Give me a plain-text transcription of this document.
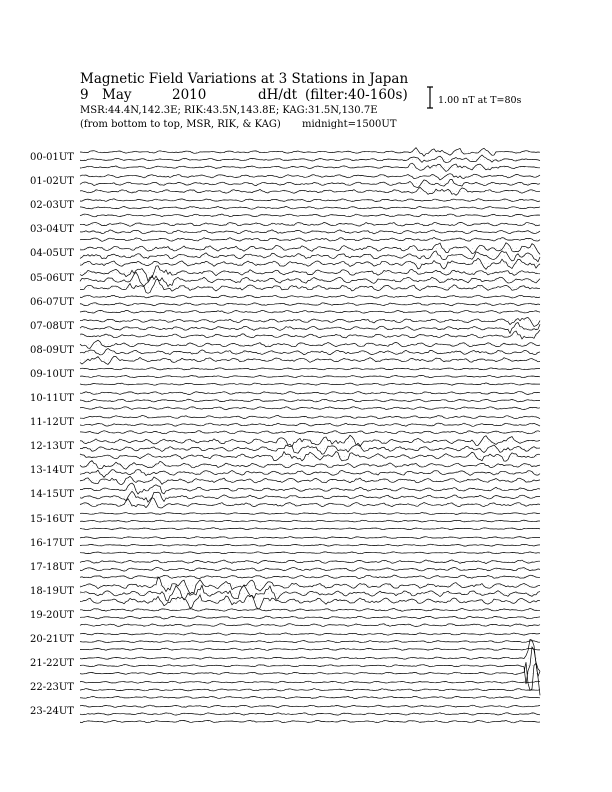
Magnetic Field Variations at 3 Stations in Japan
9 May	2010	dH/dt (filter:40-160s)
MSR:44.4N,142.3E; RIK:43.5N,143.8E; KAG:31.5N,130.7E
(from bottom to top, MSR, RIK, & KAG) midnight=1500UT
1.00 nT at T=80s
00-01UT
01-02UT
02-03UT
03-04UT
04-05UT
05-06UT
06-07UT
07-08UT
08-09UT
09-10UT
10-11UT
11-12UT
12-13UT
13-14UT
14-15UT
15-16UT
16-17UT
17-18UT
18-19UT
19-20UT
20-21UT
21-22UT
22-23UT
23-24UT
